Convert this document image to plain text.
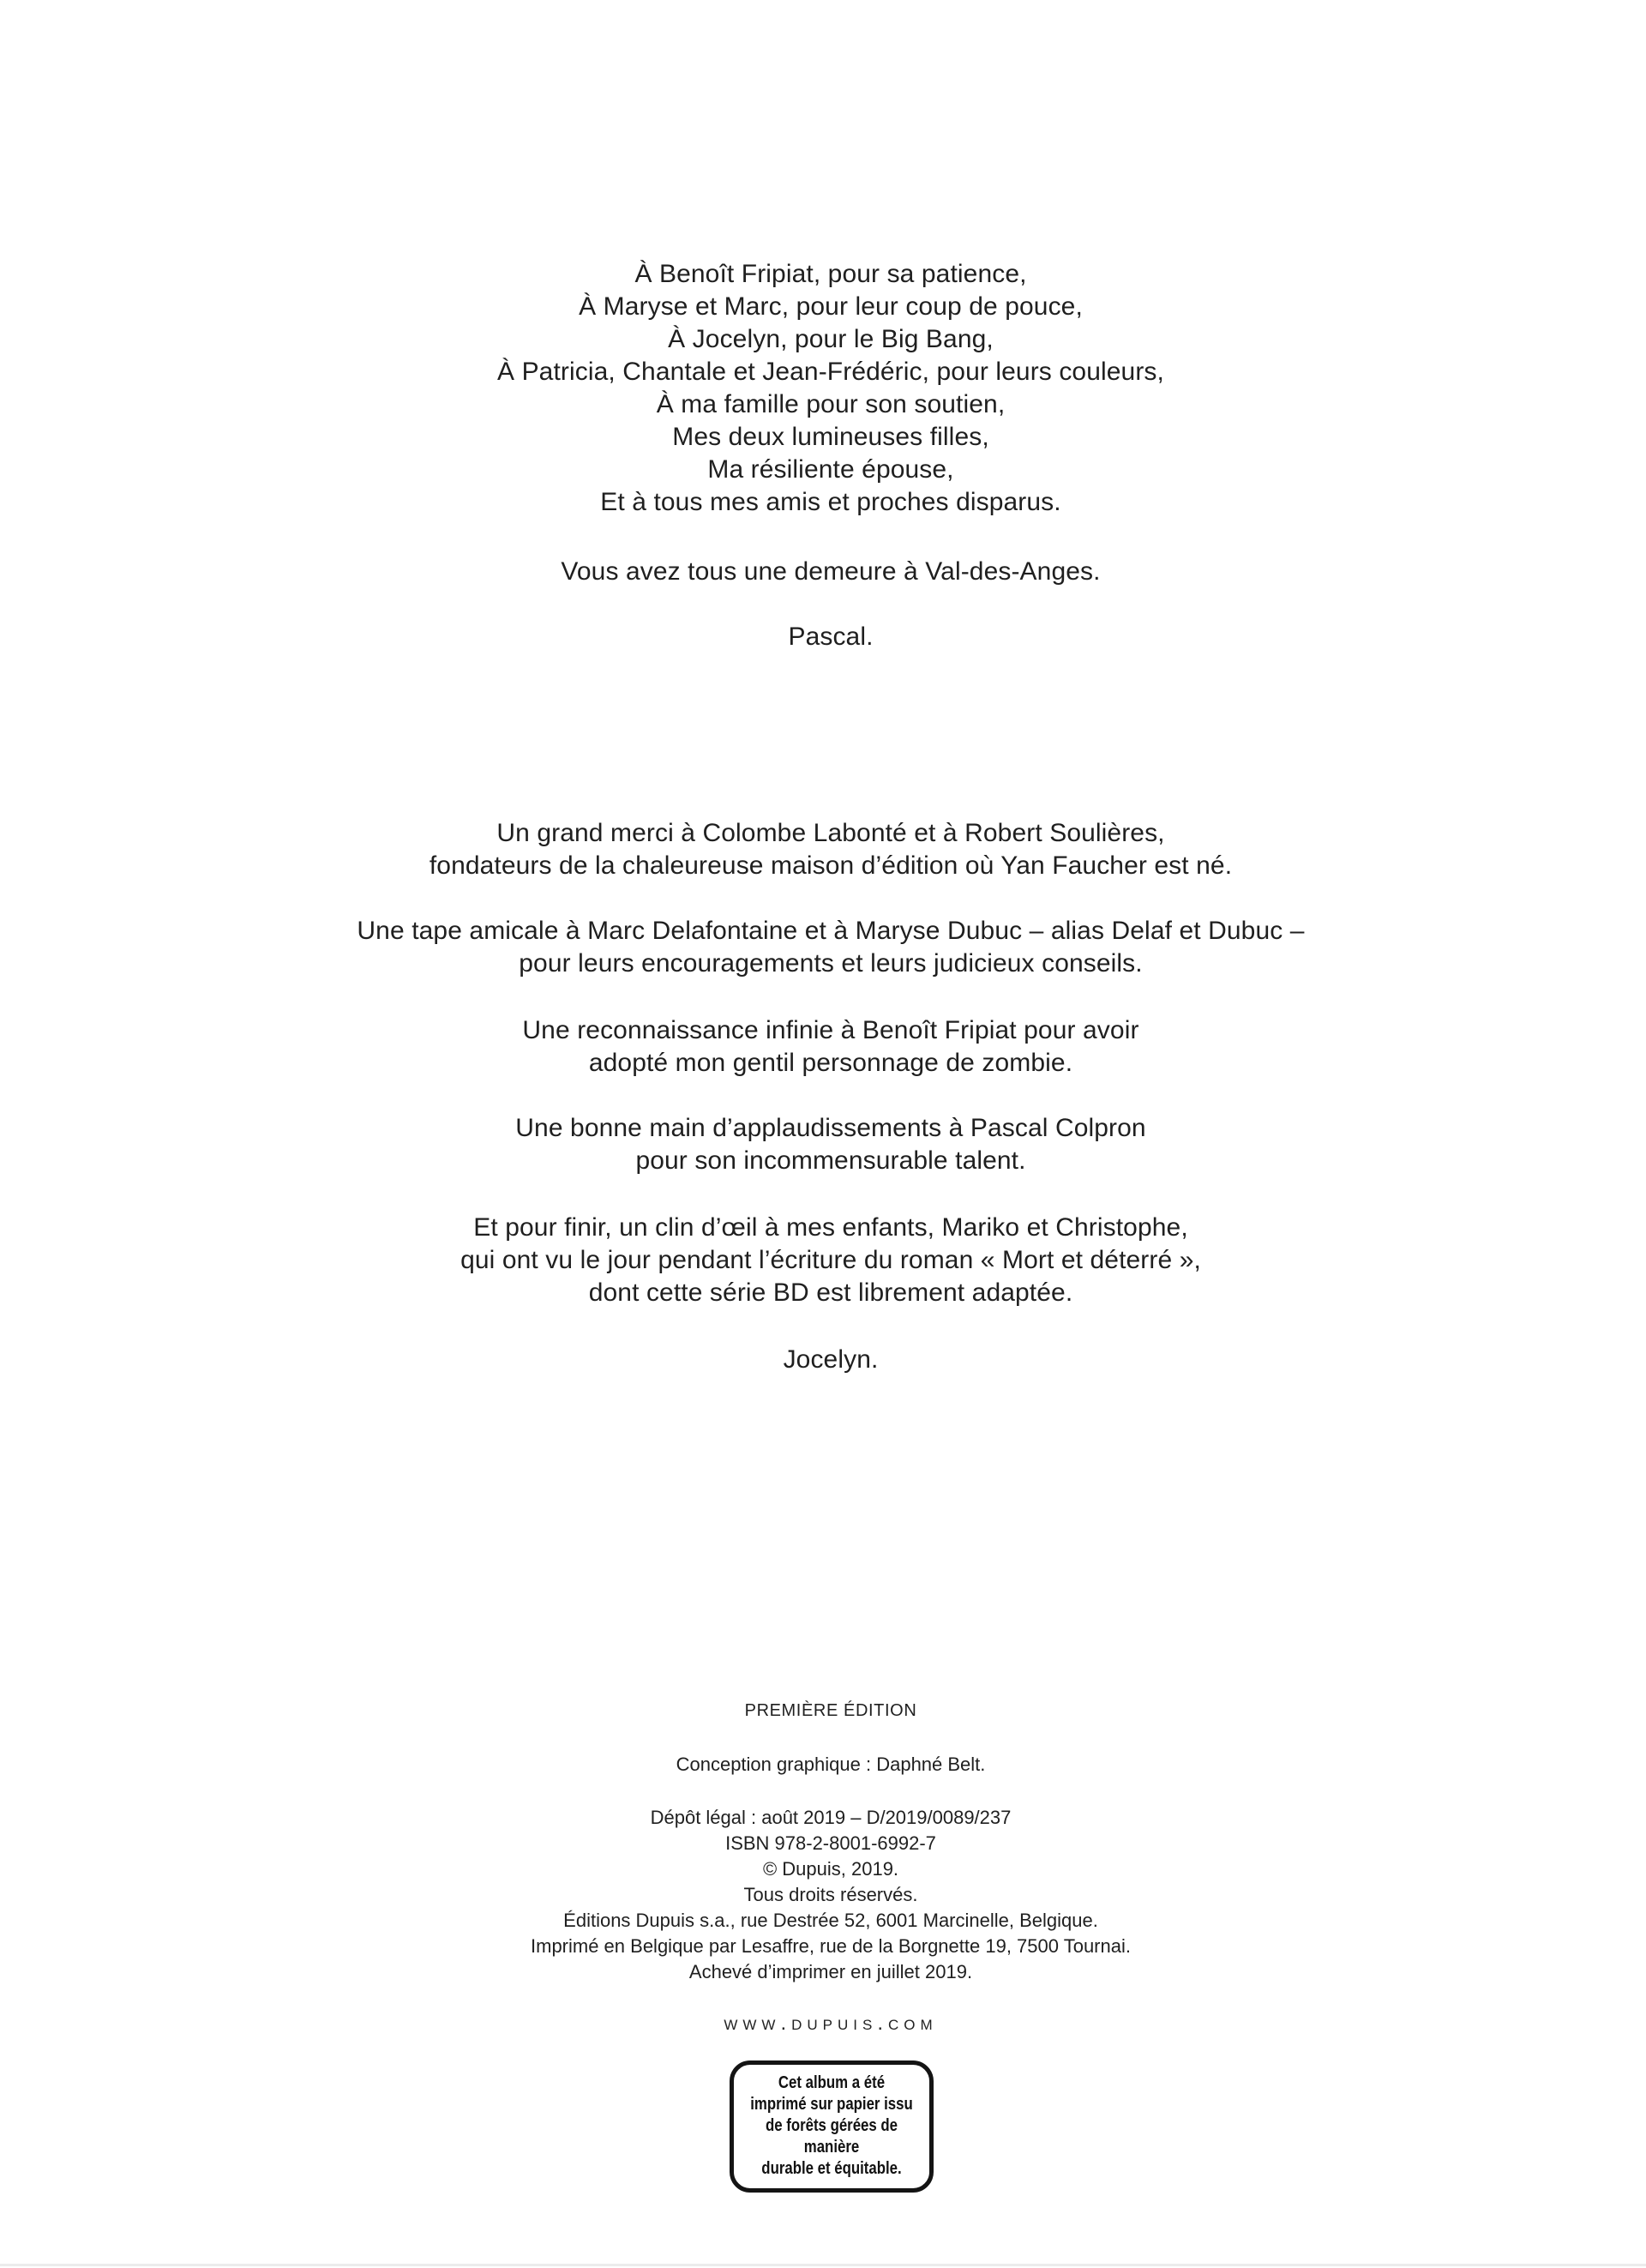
À Benoît Fripiat, pour sa patience,
À Maryse et Marc, pour leur coup de pouce,
À Jocelyn, pour le Big Bang,
À Patricia, Chantale et Jean-Frédéric, pour leurs couleurs,
À ma famille pour son soutien,
Mes deux lumineuses filles,
Ma résiliente épouse,
Et à tous mes amis et proches disparus.
Vous avez tous une demeure à Val-des-Anges.
Pascal.
Un grand merci à Colombe Labonté et à Robert Soulières,
fondateurs de la chaleureuse maison d’édition où Yan Faucher est né.
Une tape amicale à Marc Delafontaine et à Maryse Dubuc – alias Delaf et Dubuc –
pour leurs encouragements et leurs judicieux conseils.
Une reconnaissance infinie à Benoît Fripiat pour avoir
adopté mon gentil personnage de zombie.
Une bonne main d’applaudissements à Pascal Colpron
pour son incommensurable talent.
Et pour finir, un clin d’œil à mes enfants, Mariko et Christophe,
qui ont vu le jour pendant l’écriture du roman « Mort et déterré »,
dont cette série BD est librement adaptée.
Jocelyn.
PREMIÈRE ÉDITION
Conception graphique : Daphné Belt.
Dépôt légal : août 2019 – D/2019/0089/237
ISBN 978-2-8001-6992-7
© Dupuis, 2019.
Tous droits réservés.
Éditions Dupuis s.a., rue Destrée 52, 6001 Marcinelle, Belgique.
Imprimé en Belgique par Lesaffre, rue de la Borgnette 19, 7500 Tournai.
Achevé d’imprimer en juillet 2019.
www.dupuis.com
Cet album a été
imprimé sur papier issu
de forêts gérées de
manière
durable et équitable.
